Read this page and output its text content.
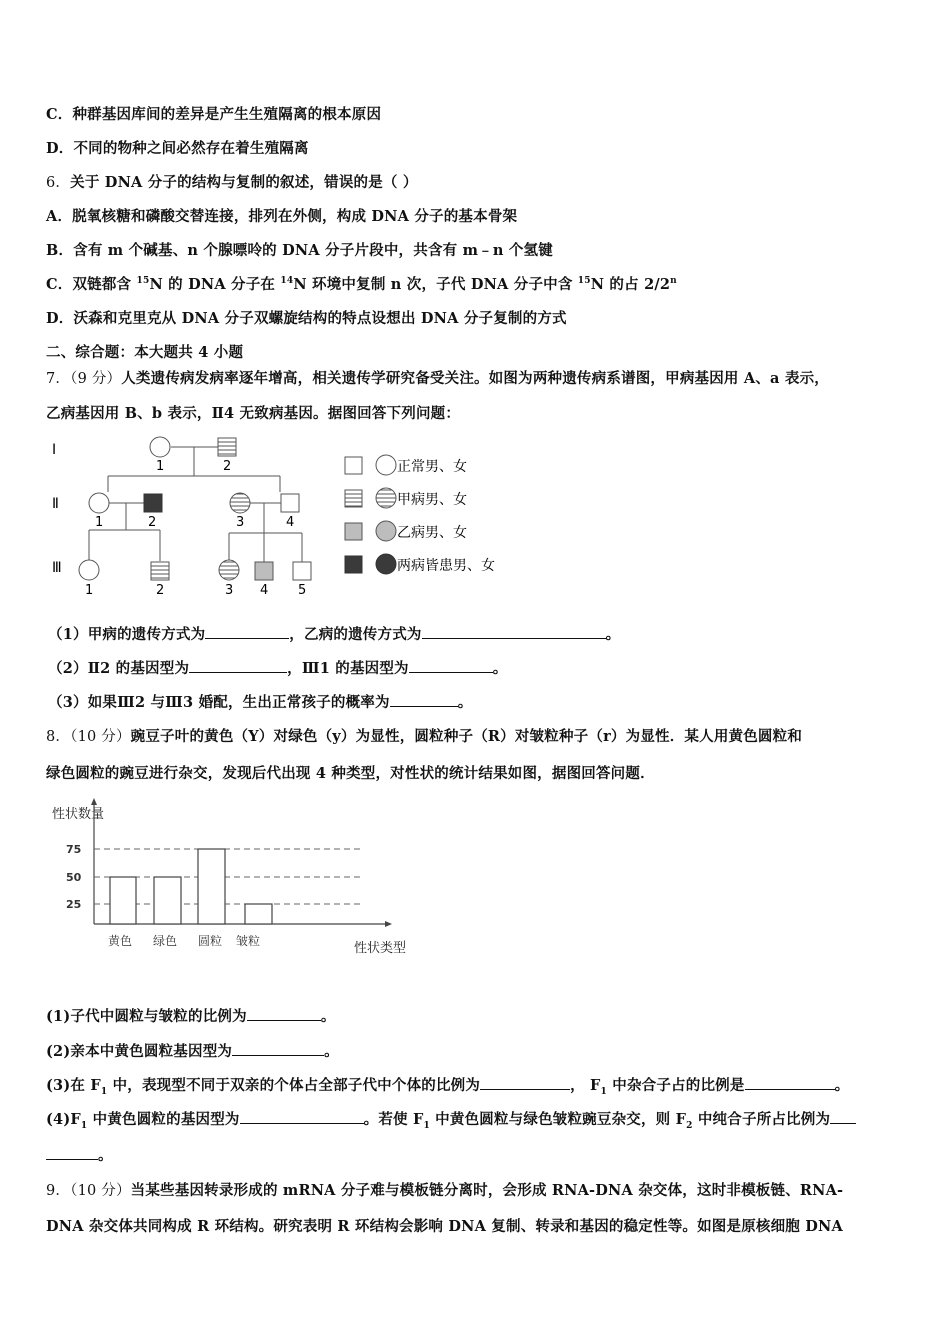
C．种群基因库间的差异是产生生殖隔离的根本原因
D．不同的物种之间必然存在着生殖隔离
6．关于 DNA 分子的结构与复制的叙述，错误的是（ ）
A．脱氧核糖和磷酸交替连接，排列在外侧，构成 DNA 分子的基本骨架
B．含有 m 个碱基、n 个腺嘌呤的 DNA 分子片段中，共含有 m﹣n 个氢键
C．双链都含 $^{15}$N 的 DNA 分子在 $^{14}$N 环境中复制 n 次，子代 DNA 分子中含 $^{15}$N 的占 2/2$^n$
D．沃森和克里克从 DNA 分子双螺旋结构的特点设想出 DNA 分子复制的方式
二、综合题：本大题共 4 小题
7．（9 分）人类遗传病发病率逐年增高，相关遗传学研究备受关注。如图为两种遗传病系谱图，甲病基因用 A、a 表示，
乙病基因用 B、b 表示，Ⅱ4 无致病基因。据图回答下列问题：
Ⅰ
Ⅱ
Ⅲ
1	2
1	2	3	4
1	2	3 4 5
正常男、女
甲病男、女
乙病男、女
两病皆患男、女
（1）甲病的遗传方式为	，乙病的遗传方式为	。
（2）Ⅱ2 的基因型为	，Ⅲ1 的基因型为	。
（3）如果Ⅲ2 与Ⅲ3 婚配，生出正常孩子的概率为	。
8．（10 分）豌豆子叶的黄色（Y）对绿色（y）为显性，圆粒种子（R）对皱粒种子（r）为显性．某人用黄色圆粒和
绿色圆粒的豌豆进行杂交，发现后代出现 4 种类型，对性状的统计结果如图，据图回答问题．
性状数量
75
50
25
黄色 绿色 圆粒 皱粒	性状类型
(1)子代中圆粒与皱粒的比例为	。
(2)亲本中黄色圆粒基因型为	。
(3)在 $F_1$ 中，表现型不同于双亲的个体占全部子代中个体的比例为	， $F_1$ 中杂合子占的比例是	。
$(4)F_1$ 中黄色圆粒的基因型为	。若使 $F_1$ 中黄色圆粒与绿色皱粒豌豆杂交，则 $F_2$ 中纯合子所占比例为
。
9．（10 分）当某些基因转录形成的 mRNA 分子难与模板链分离时，会形成 RNA-DNA 杂交体，这时非模板链、RNA-
DNA 杂交体共同构成 R 环结构。研究表明 R 环结构会影响 DNA 复制、转录和基因的稳定性等。如图是原核细胞 DNA
